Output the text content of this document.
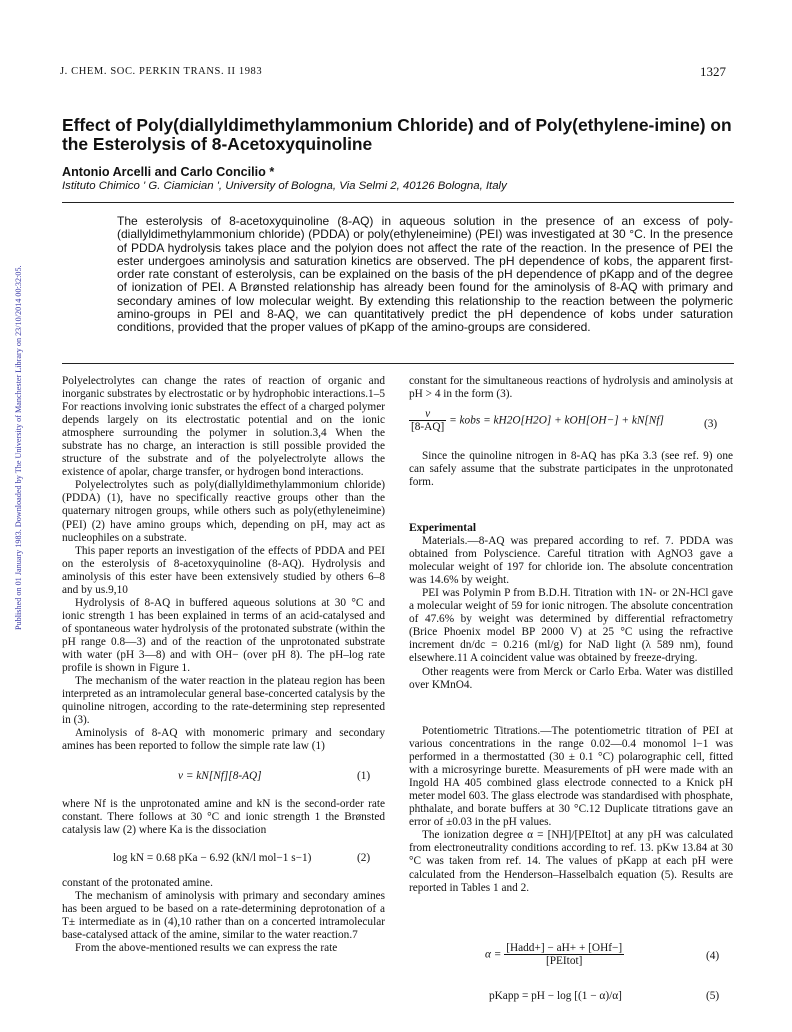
J. CHEM. SOC. PERKIN TRANS. II 1983	1327
Published on 01 January 1983. Downloaded by The University of Manchester Library on 23/10/2014 00:32:05.
Effect of Poly(diallyldimethylammonium Chloride) and of Poly(ethylene-imine) on the Esterolysis of 8-Acetoxyquinoline
Antonio Arcelli and Carlo Concilio *
Istituto Chimico ' G. Ciamician ', University of Bologna, Via Selmi 2, 40126 Bologna, Italy
The esterolysis of 8-acetoxyquinoline (8-AQ) in aqueous solution in the presence of an excess of poly-(diallyldimethylammonium chloride) (PDDA) or poly(ethyleneimine) (PEI) was investigated at 30 °C. In the presence of PDDA hydrolysis takes place and the polyion does not affect the rate of the reaction. In the presence of PEI the ester undergoes aminolysis and saturation kinetics are observed. The pH dependence of kobs, the apparent first-order rate constant of esterolysis, can be explained on the basis of the pH dependence of pKapp and of the degree of ionization of PEI. A Brønsted relationship has already been found for the aminolysis of 8-AQ with primary and secondary amines of low molecular weight. By extending this relationship to the reaction between the polymeric amino-groups in PEI and 8-AQ, we can quantitatively predict the pH dependence of kobs under saturation conditions, provided that the proper values of pKapp of the amino-groups are considered.

Polyelectrolytes can change the rates of reaction of organic and inorganic substrates by electrostatic or by hydrophobic interactions.1–5 For reactions involving ionic substrates the effect of a charged polymer depends largely on its electrostatic potential and on the ionic atmosphere surrounding the polymer in solution.3,4 When the substrate has no charge, an interaction is still possible provided the structure of the substrate and of the polyelectrolyte allows the existence of apolar, charge transfer, or hydrogen bond interactions.

Polyelectrolytes such as poly(diallyldimethylammonium chloride) (PDDA) (1), have no specifically reactive groups other than the quaternary nitrogen groups, while others such as poly(ethyleneimine) (PEI) (2) have amino groups which, depending on pH, may act as nucleophiles on a substrate.

This paper reports an investigation of the effects of PDDA and PEI on the esterolysis of 8-acetoxyquinoline (8-AQ). Hydrolysis and aminolysis of this ester have been extensively studied by others 6–8 and by us.9,10

Hydrolysis of 8-AQ in buffered aqueous solutions at 30 °C and ionic strength 1 has been explained in terms of an acid-catalysed and of spontaneous water hydrolysis of the protonated substrate (within the pH range 0.8—3) and of the reaction of the unprotonated substrate with water (pH 3—8) and with OH− (over pH 8). The pH–log rate profile is shown in Figure 1.

The mechanism of the water reaction in the plateau region has been interpreted as an intramolecular general base-concerted catalysis by the quinoline nitrogen, according to the rate-determining step represented in (3).

Aminolysis of 8-AQ with monomeric primary and secondary amines has been reported to follow the simple rate law (1)

v = kN[Nf][8-AQ]	(1)

where Nf is the unprotonated amine and kN is the second-order rate constant. There follows at 30 °C and ionic strength 1 the Brønsted catalysis law (2) where Ka is the dissociation

log kN = 0.68 pKa − 6.92 (kN/l mol−1 s−1)	(2)

constant of the protonated amine.

The mechanism of aminolysis with primary and secondary amines has been argued to be based on a rate-determining deprotonation of a T± intermediate as in (4),10 rather than on a concerted intramolecular base-catalysed attack of the amine, similar to the water reaction.7

From the above-mentioned results we can express the rate

constant for the simultaneous reactions of hydrolysis and aminolysis at pH > 4 in the form (3).

$\frac{v}{[8-AQ]}$ = kobs = kH2O[H2O] + kOH[OH−] + kN[Nf]	(3)

Since the quinoline nitrogen in 8-AQ has pKa 3.3 (see ref. 9) one can safely assume that the substrate participates in the unprotonated form.

Experimental

Materials.—8-AQ was prepared according to ref. 7. PDDA was obtained from Polyscience. Careful titration with AgNO3 gave a molecular weight of 197 for chloride ion. The absolute concentration was 14.6% by weight.

PEI was Polymin P from B.D.H. Titration with 1N- or 2N-HCl gave a molecular weight of 59 for ionic nitrogen. The absolute concentration of 47.6% by weight was determined by differential refractometry (Brice Phoenix model BP 2000 V) at 25 °C using the refractive increment dn/dc = 0.216 (ml/g) for NaD light (λ 589 nm), found elsewhere.11 A coincident value was obtained by freeze-drying.

Other reagents were from Merck or Carlo Erba. Water was distilled over KMnO4.

Potentiometric Titrations.—The potentiometric titration of PEI at various concentrations in the range 0.02—0.4 monomol l−1 was performed in a thermostatted (30 ± 0.1 °C) polarographic cell, fitted with a microsyringe burette. Measurements of pH were made with an Ingold HA 405 combined glass electrode connected to a Knick pH meter model 603. The glass electrode was standardised with phosphate, phthalate, and borate buffers at 30 °C.12 Duplicate titrations gave an error of ±0.03 in the pH values.

The ionization degree α = [NH]/[PEItot] at any pH was calculated from electroneutrality conditions according to ref. 13. pKw 13.84 at 30 °C was taken from ref. 14. The values of pKapp at each pH were calculated from the Henderson–Hasselbalch equation (5). Results are reported in Tables 1 and 2.

$\alpha = \frac{\text{[Hadd+] − aH+ + [OHf−]}}{\text{[PEItot]}}$	(4)
pKapp = pH − log [(1 − α)/α]	(5)
